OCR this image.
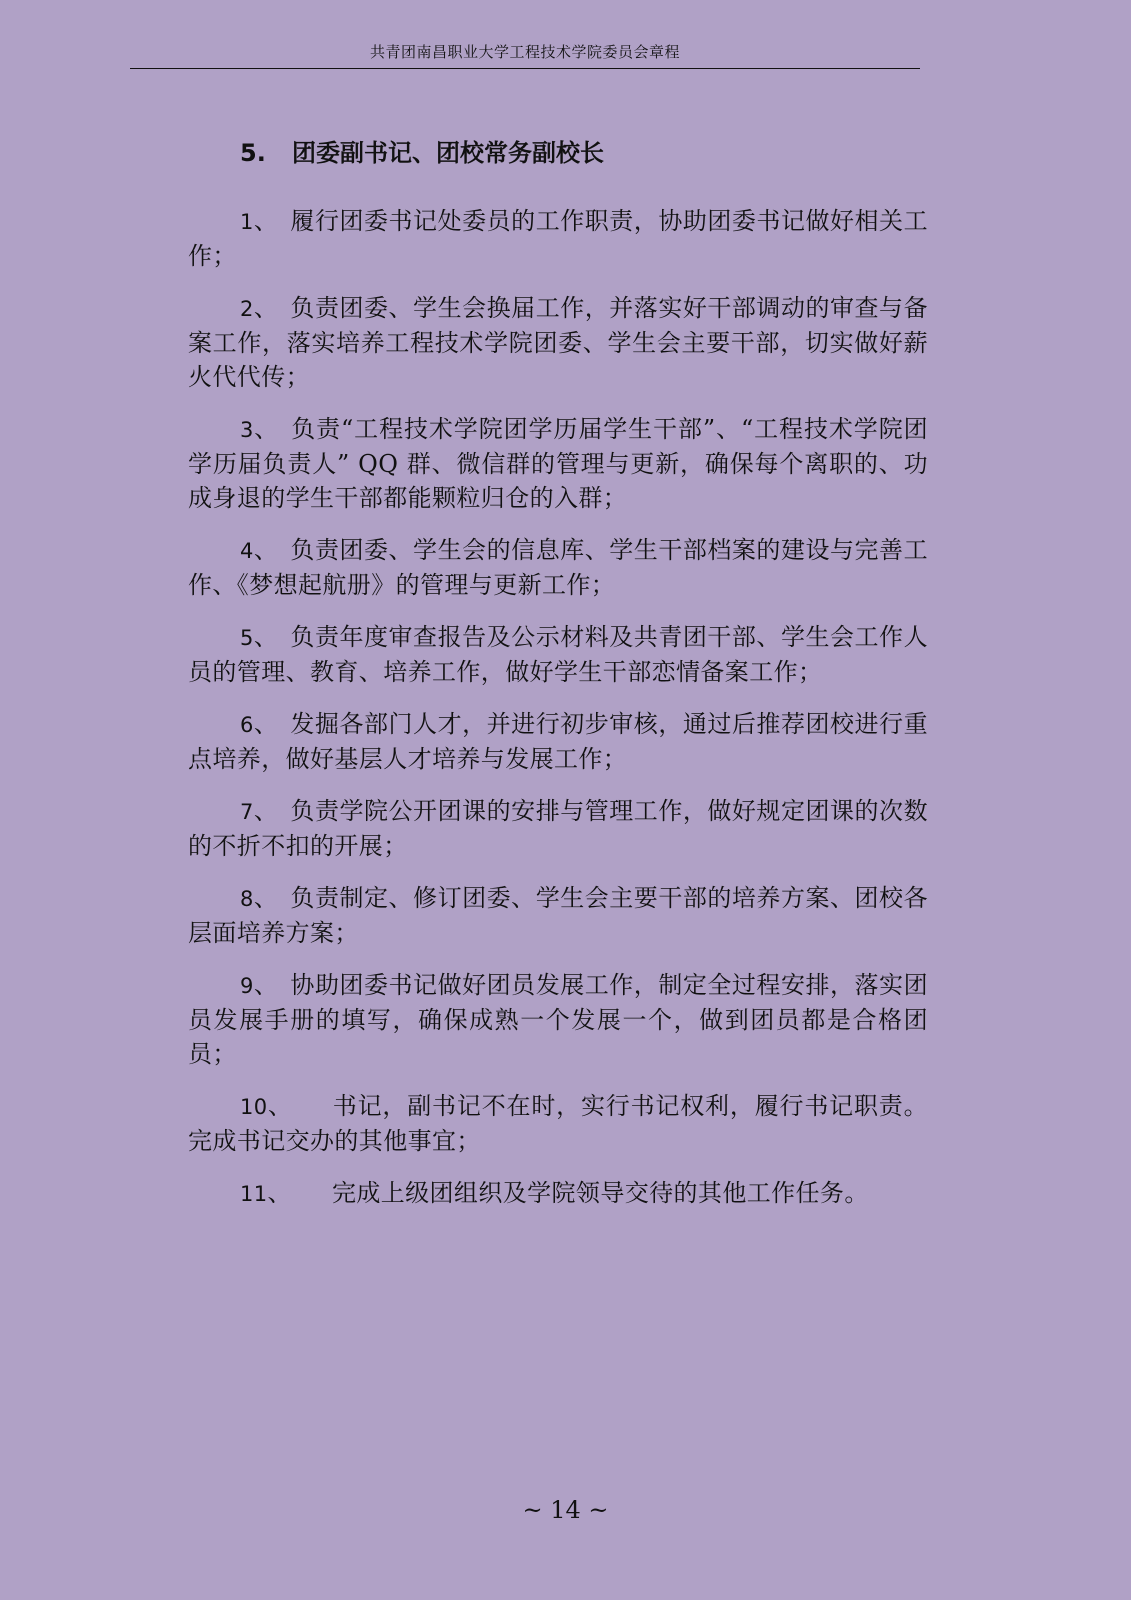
共青团南昌职业大学工程技术学院委员会章程
5. 团委副书记、团校常务副校长

1、 履行团委书记处委员的工作职责，协助团委书记做好相关工作；

2、 负责团委、学生会换届工作，并落实好干部调动的审查与备案工作，落实培养工程技术学院团委、学生会主要干部，切实做好薪火代代传；

3、 负责“工程技术学院团学历届学生干部”、“工程技术学院团学历届负责人” QQ 群、微信群的管理与更新，确保每个离职的、功成身退的学生干部都能颗粒归仓的入群；

4、 负责团委、学生会的信息库、学生干部档案的建设与完善工作、《梦想起航册》的管理与更新工作；

5、 负责年度审查报告及公示材料及共青团干部、学生会工作人员的管理、教育、培养工作，做好学生干部恋情备案工作；

6、 发掘各部门人才，并进行初步审核，通过后推荐团校进行重点培养，做好基层人才培养与发展工作；

7、 负责学院公开团课的安排与管理工作，做好规定团课的次数的不折不扣的开展；

8、 负责制定、修订团委、学生会主要干部的培养方案、团校各层面培养方案；

9、 协助团委书记做好团员发展工作，制定全过程安排，落实团员发展手册的填写，确保成熟一个发展一个，做到团员都是合格团员；

10、 书记，副书记不在时，实行书记权利，履行书记职责。完成书记交办的其他事宜；

11、 完成上级团组织及学院领导交待的其他工作任务。

~ 14 ~
